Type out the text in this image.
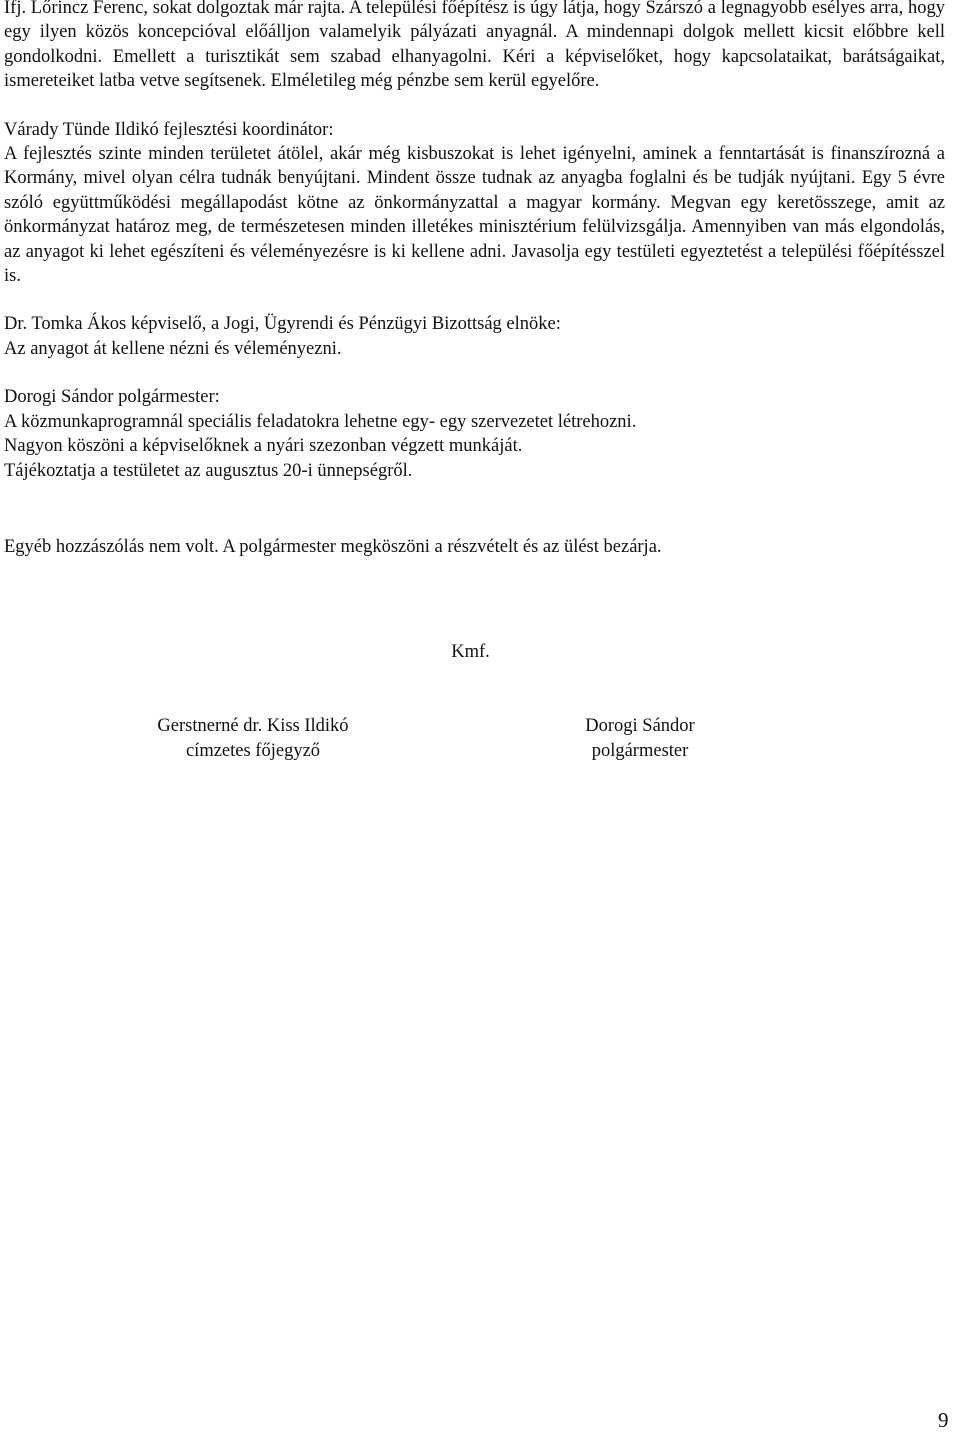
Ifj. Lőrincz Ferenc, sokat dolgoztak már rajta. A települési főépítész is úgy látja, hogy Szárszó a legnagyobb esélyes arra, hogy egy ilyen közös koncepcióval előálljon valamelyik pályázati anyagnál. A mindennapi dolgok mellett kicsit előbbre kell gondolkodni. Emellett a turisztikát sem szabad elhanyagolni. Kéri a képviselőket, hogy kapcsolataikat, barátságaikat, ismereteiket latba vetve segítsenek. Elméletileg még pénzbe sem kerül egyelőre.

Várady Tünde Ildikó fejlesztési koordinátor:

A fejlesztés szinte minden területet átölel, akár még kisbuszokat is lehet igényelni, aminek a fenntartását is finanszírozná a Kormány, mivel olyan célra tudnák benyújtani. Mindent össze tudnak az anyagba foglalni és be tudják nyújtani. Egy 5 évre szóló együttműködési megállapodást kötne az önkormányzattal a magyar kormány. Megvan egy keretösszege, amit az önkormányzat határoz meg, de természetesen minden illetékes minisztérium felülvizsgálja. Amennyiben van más elgondolás, az anyagot ki lehet egészíteni és véleményezésre is ki kellene adni. Javasolja egy testületi egyeztetést a települési főépítésszel is.

Dr. Tomka Ákos képviselő, a Jogi, Ügyrendi és Pénzügyi Bizottság elnöke:
Az anyagot át kellene nézni és véleményezni.
Dorogi Sándor polgármester:
A közmunkaprogramnál speciális feladatokra lehetne egy- egy szervezetet létrehozni.
Nagyon köszöni a képviselőknek a nyári szezonban végzett munkáját.
Tájékoztatja a testületet az augusztus 20-i ünnepségről.

Egyéb hozzászólás nem volt. A polgármester megköszöni a részvételt és az ülést bezárja.

Kmf.
Gerstnerné dr. Kiss Ildikó
címzetes főjegyző
Dorogi Sándor
polgármester
9
